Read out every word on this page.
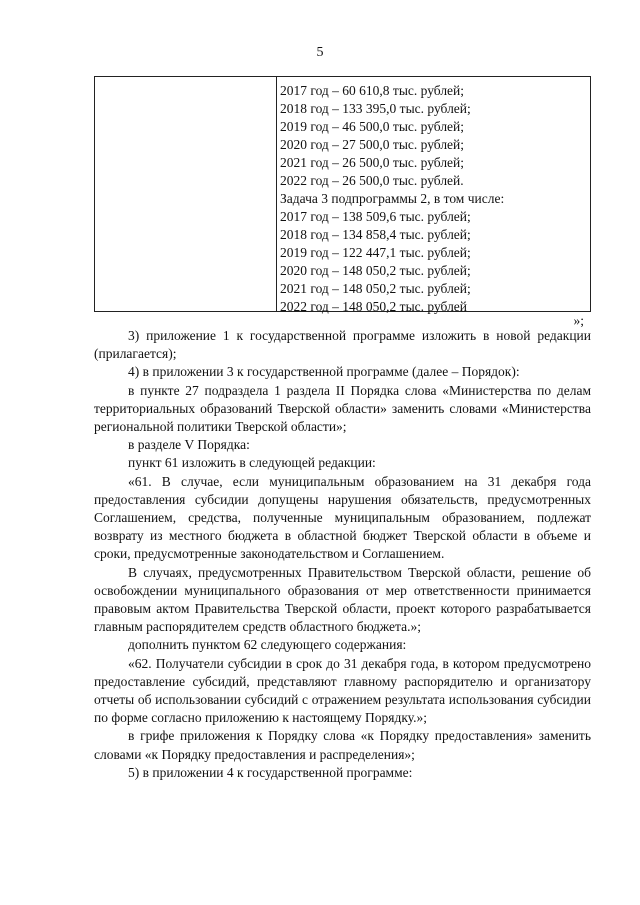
5
2017 год – 60 610,8 тыс. рублей;
2018 год – 133 395,0 тыс. рублей;
2019 год – 46 500,0 тыс. рублей;
2020 год – 27 500,0 тыс. рублей;
2021 год – 26 500,0 тыс. рублей;
2022 год – 26 500,0 тыс. рублей.
Задача 3 подпрограммы 2, в том числе:
2017 год – 138 509,6 тыс. рублей;
2018 год – 134 858,4 тыс. рублей;
2019 год – 122 447,1 тыс. рублей;
2020 год – 148 050,2 тыс. рублей;
2021 год – 148 050,2 тыс. рублей;
2022 год – 148 050,2 тыс. рублей
»;

3) приложение 1 к государственной программе изложить в новой редакции (прилагается);

4) в приложении 3 к государственной программе (далее – Порядок):

в пункте 27 подраздела 1 раздела II Порядка слова «Министерства по делам территориальных образований Тверской области» заменить словами «Министерства региональной политики Тверской области»;

в разделе V Порядка:

пункт 61 изложить в следующей редакции:

«61. В случае, если муниципальным образованием на 31 декабря года предоставления субсидии допущены нарушения обязательств, предусмотренных Соглашением, средства, полученные муниципальным образованием, подлежат возврату из местного бюджета в областной бюджет Тверской области в объеме и сроки, предусмотренные законодательством и Соглашением.

В случаях, предусмотренных Правительством Тверской области, решение об освобождении муниципального образования от мер ответственности принимается правовым актом Правительства Тверской области, проект которого разрабатывается главным распорядителем средств областного бюджета.»;

дополнить пунктом 62 следующего содержания:

«62. Получатели субсидии в срок до 31 декабря года, в котором предусмотрено предоставление субсидий, представляют главному распорядителю и организатору отчеты об использовании субсидий с отражением результата использования субсидии по форме согласно приложению к настоящему Порядку.»;

в грифе приложения к Порядку слова «к Порядку предоставления» заменить словами «к Порядку предоставления и распределения»;

5) в приложении 4 к государственной программе:
